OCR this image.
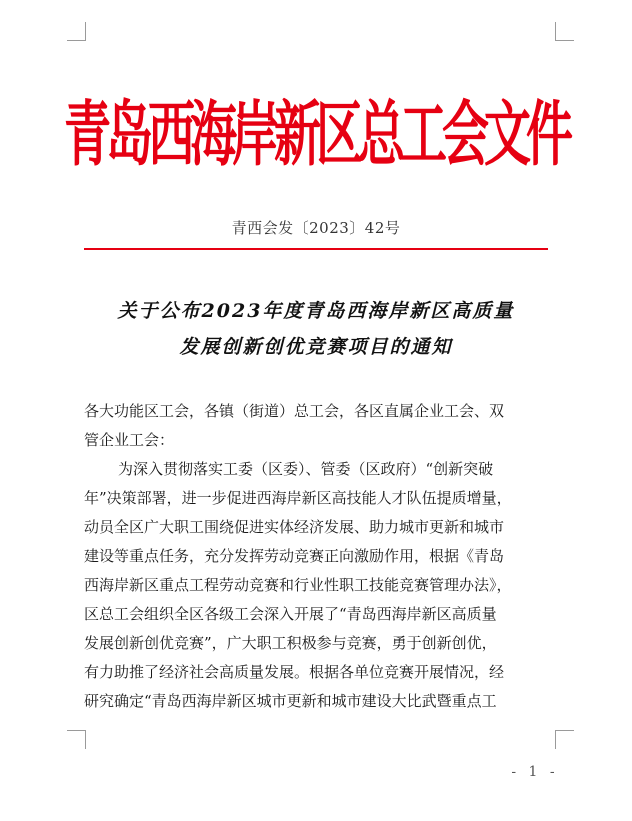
青岛西海岸新区总工会文件
青西会发〔2023〕42号
关于公布2023年度青岛西海岸新区高质量
发展创新创优竞赛项目的通知
各大功能区工会，各镇（街道）总工会，各区直属企业工会、双
管企业工会：
为深入贯彻落实工委（区委）、管委（区政府）“创新突破
年”决策部署，进一步促进西海岸新区高技能人才队伍提质增量，
动员全区广大职工围绕促进实体经济发展、助力城市更新和城市
建设等重点任务，充分发挥劳动竞赛正向激励作用，根据《青岛
西海岸新区重点工程劳动竞赛和行业性职工技能竞赛管理办法》，
区总工会组织全区各级工会深入开展了“青岛西海岸新区高质量
发展创新创优竞赛”，广大职工积极参与竞赛，勇于创新创优，
有力助推了经济社会高质量发展。根据各单位竞赛开展情况，经
研究确定“青岛西海岸新区城市更新和城市建设大比武暨重点工
- 1 -
